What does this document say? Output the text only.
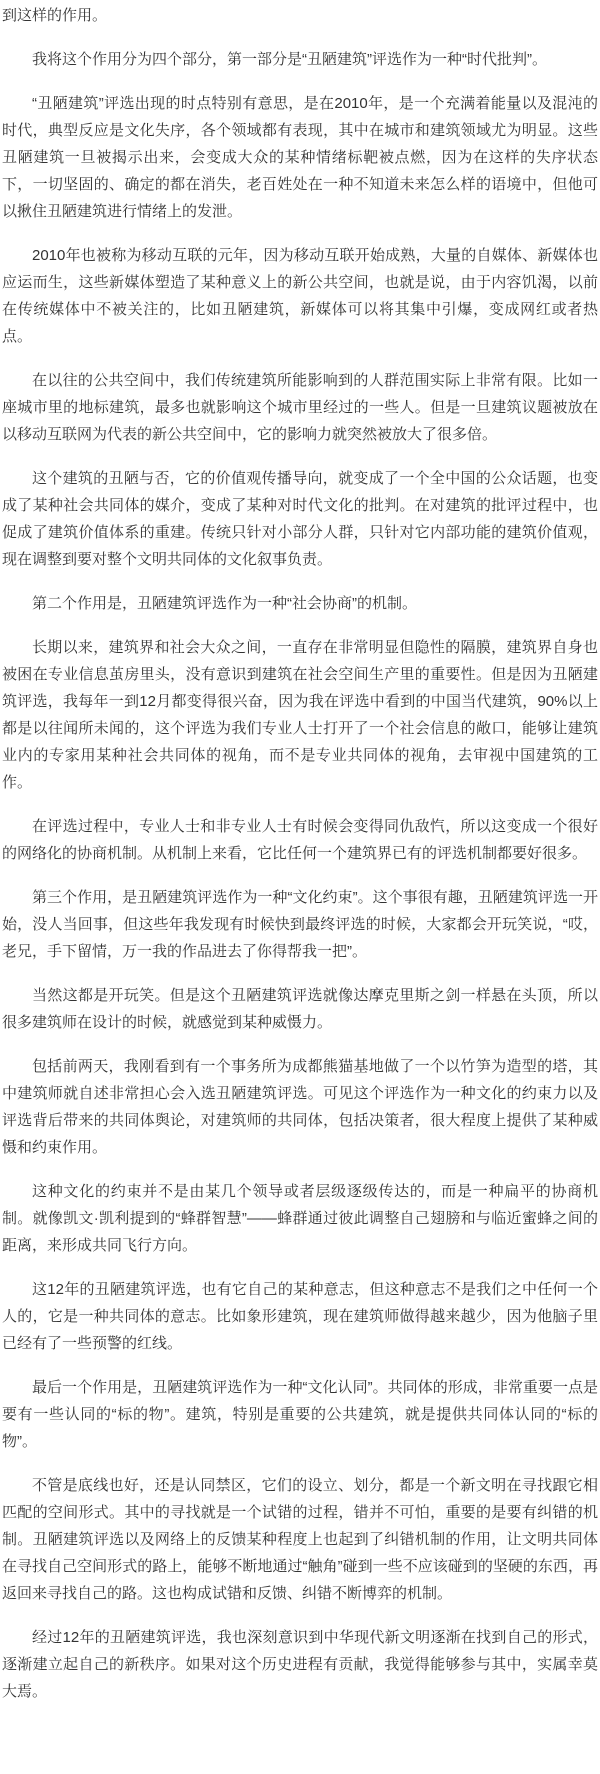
到这样的作用。

我将这个作用分为四个部分，第一部分是“丑陋建筑”评选作为一种“时代批判”。

“丑陋建筑”评选出现的时点特别有意思，是在2010年，是一个充满着能量以及混沌的时代，典型反应是文化失序，各个领域都有表现，其中在城市和建筑领域尤为明显。这些丑陋建筑一旦被揭示出来，会变成大众的某种情绪标靶被点燃，因为在这样的失序状态下，一切坚固的、确定的都在消失，老百姓处在一种不知道未来怎么样的语境中，但他可以揪住丑陋建筑进行情绪上的发泄。

2010年也被称为移动互联的元年，因为移动互联开始成熟，大量的自媒体、新媒体也应运而生，这些新媒体塑造了某种意义上的新公共空间，也就是说，由于内容饥渴，以前在传统媒体中不被关注的，比如丑陋建筑，新媒体可以将其集中引爆，变成网红或者热点。

在以往的公共空间中，我们传统建筑所能影响到的人群范围实际上非常有限。比如一座城市里的地标建筑，最多也就影响这个城市里经过的一些人。但是一旦建筑议题被放在以移动互联网为代表的新公共空间中，它的影响力就突然被放大了很多倍。

这个建筑的丑陋与否，它的价值观传播导向，就变成了一个全中国的公众话题，也变成了某种社会共同体的媒介，变成了某种对时代文化的批判。在对建筑的批评过程中，也促成了建筑价值体系的重建。传统只针对小部分人群，只针对它内部功能的建筑价值观，现在调整到要对整个文明共同体的文化叙事负责。

第二个作用是，丑陋建筑评选作为一种“社会协商”的机制。

长期以来，建筑界和社会大众之间，一直存在非常明显但隐性的隔膜，建筑界自身也被困在专业信息茧房里头，没有意识到建筑在社会空间生产里的重要性。但是因为丑陋建筑评选，我每年一到12月都变得很兴奋，因为我在评选中看到的中国当代建筑，90%以上都是以往闻所未闻的，这个评选为我们专业人士打开了一个社会信息的敞口，能够让建筑业内的专家用某种社会共同体的视角，而不是专业共同体的视角，去审视中国建筑的工作。

在评选过程中，专业人士和非专业人士有时候会变得同仇敌忾，所以这变成一个很好的网络化的协商机制。从机制上来看，它比任何一个建筑界已有的评选机制都要好很多。

第三个作用，是丑陋建筑评选作为一种“文化约束”。这个事很有趣，丑陋建筑评选一开始，没人当回事，但这些年我发现有时候快到最终评选的时候，大家都会开玩笑说，“哎，老兄，手下留情，万一我的作品进去了你得帮我一把”。

当然这都是开玩笑。但是这个丑陋建筑评选就像达摩克里斯之剑一样悬在头顶，所以很多建筑师在设计的时候，就感觉到某种威慑力。

包括前两天，我刚看到有一个事务所为成都熊猫基地做了一个以竹笋为造型的塔，其中建筑师就自述非常担心会入选丑陋建筑评选。可见这个评选作为一种文化的约束力以及评选背后带来的共同体舆论，对建筑师的共同体，包括决策者，很大程度上提供了某种威慑和约束作用。

这种文化的约束并不是由某几个领导或者层级逐级传达的，而是一种扁平的协商机制。就像凯文·凯利提到的“蜂群智慧”——蜂群通过彼此调整自己翅膀和与临近蜜蜂之间的距离，来形成共同飞行方向。

这12年的丑陋建筑评选，也有它自己的某种意志，但这种意志不是我们之中任何一个人的，它是一种共同体的意志。比如象形建筑，现在建筑师做得越来越少，因为他脑子里已经有了一些预警的红线。

最后一个作用是，丑陋建筑评选作为一种“文化认同”。共同体的形成，非常重要一点是要有一些认同的“标的物”。建筑，特别是重要的公共建筑，就是提供共同体认同的“标的物”。

不管是底线也好，还是认同禁区，它们的设立、划分，都是一个新文明在寻找跟它相匹配的空间形式。其中的寻找就是一个试错的过程，错并不可怕，重要的是要有纠错的机制。丑陋建筑评选以及网络上的反馈某种程度上也起到了纠错机制的作用，让文明共同体在寻找自己空间形式的路上，能够不断地通过“触角”碰到一些不应该碰到的坚硬的东西，再返回来寻找自己的路。这也构成试错和反馈、纠错不断博弈的机制。

经过12年的丑陋建筑评选，我也深刻意识到中华现代新文明逐渐在找到自己的形式，逐渐建立起自己的新秩序。如果对这个历史进程有贡献，我觉得能够参与其中，实属幸莫大焉。
